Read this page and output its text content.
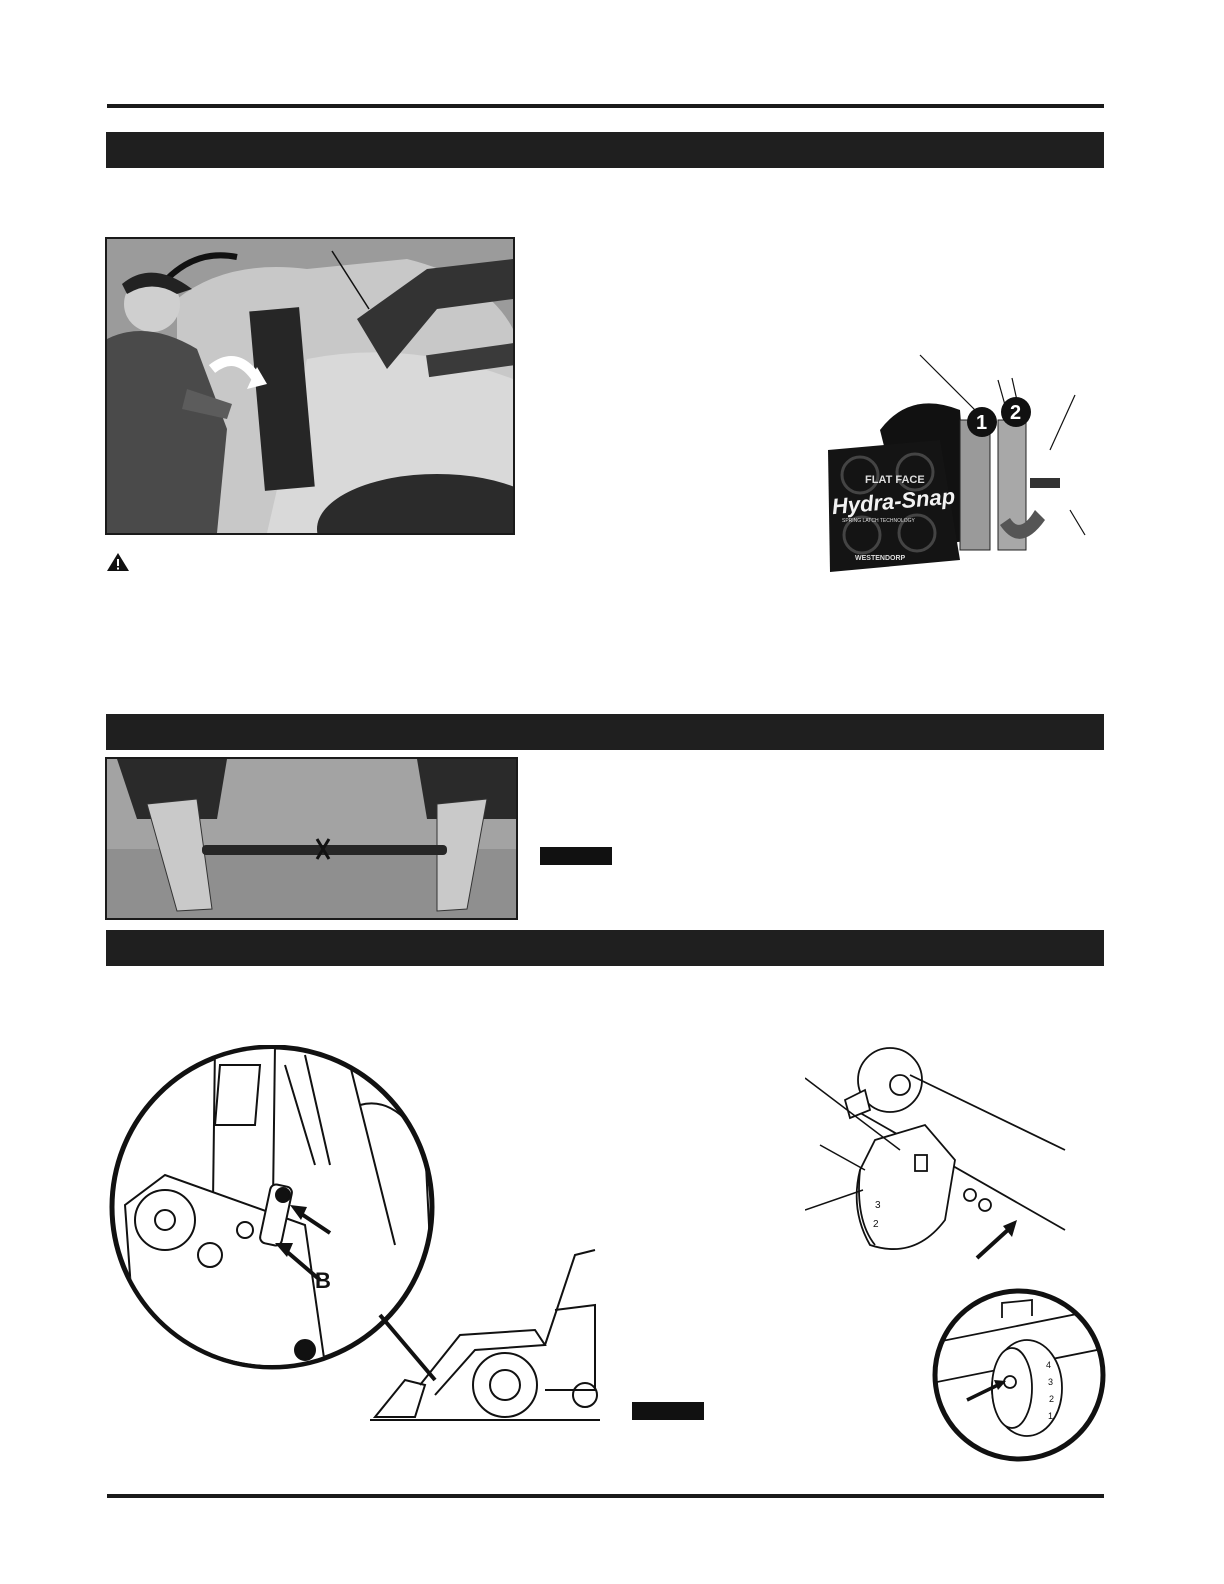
1 2
FLAT FACE
Hydra-Snap
SPRING LATCH TECHNOLOGY
WESTENDORP
B
2
3
4
3
2
1
